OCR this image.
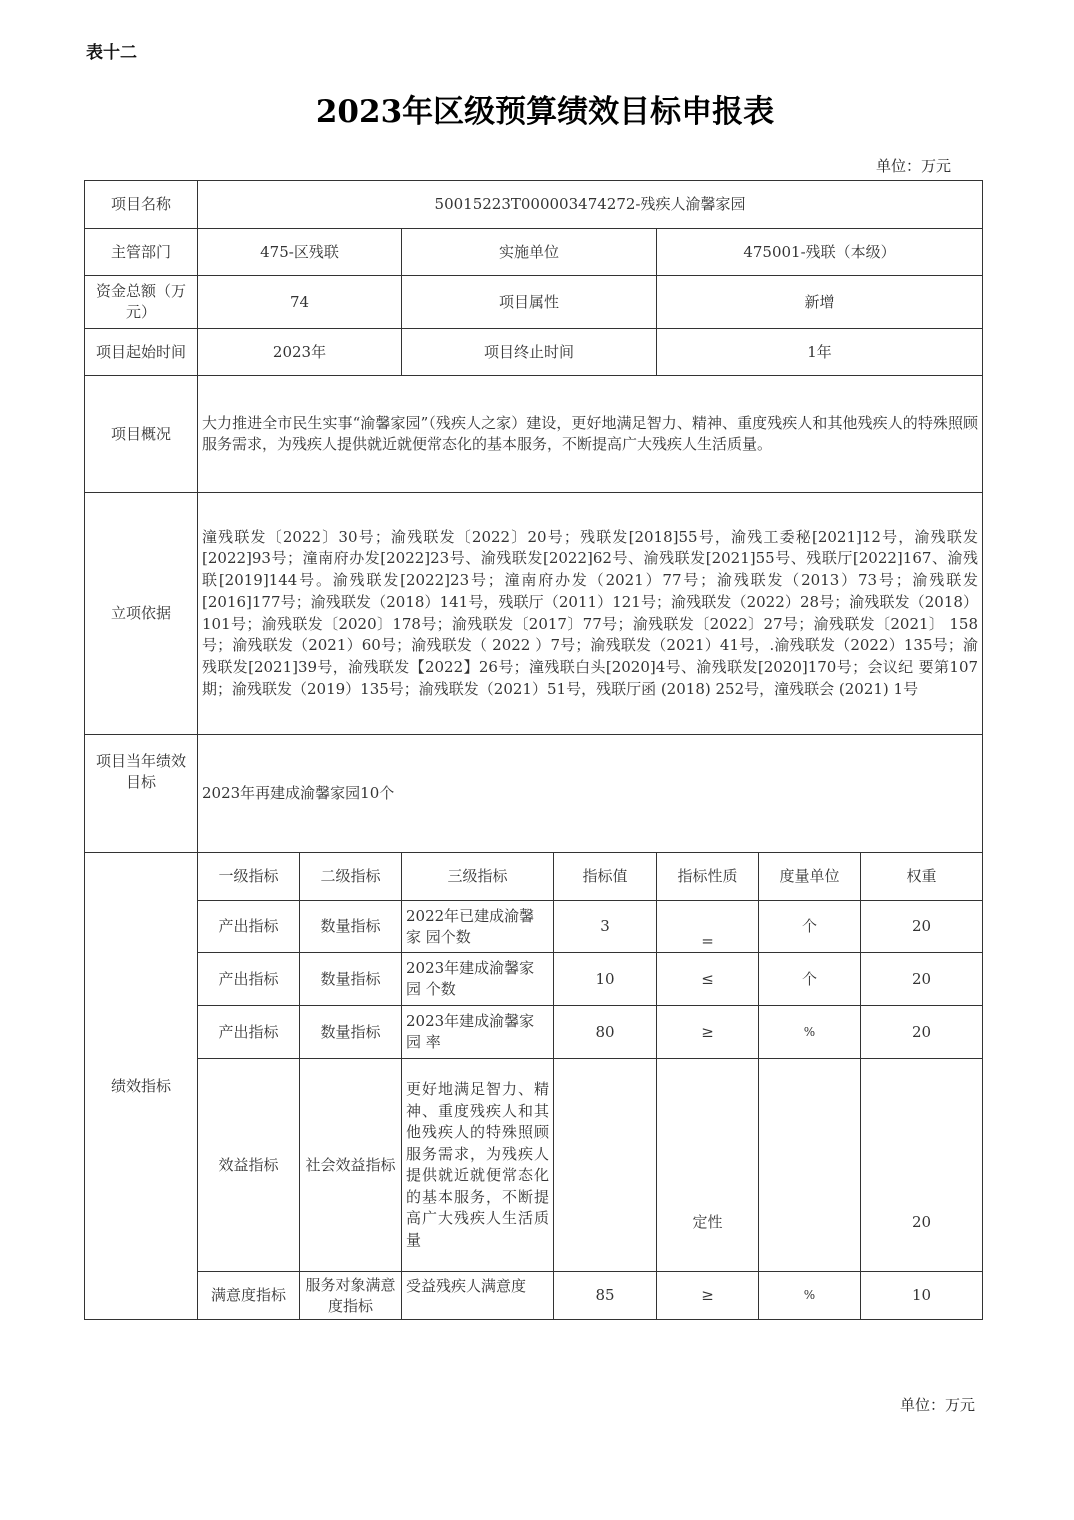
表十二
2023年区级预算绩效目标申报表
单位：万元
项目名称	50015223T000003474272-残疾人渝馨家园						
主管部门	475-区残联		实施单位		475001-残联（本级）		
资金总额（万元）	74		项目属性		新增		
项目起始时间	2023年		项目终止时间		1年		
项目概况	大力推进全市民生实事“渝馨家园”（残疾人之家）建设，更好地满足智力、精神、重度残疾人和其他残疾人的特殊照顾服务需求，为残疾人提供就近就便常态化的基本服务，不断提高广大残疾人生活质量。						
立项依据	潼残联发〔2022〕30号；渝残联发〔2022〕20号；残联发[2018]55号，渝残工委秘[2021]12号，渝残联发[2022]93号；潼南府办发[2022]23号、渝残联发[2022]62号、渝残联发[2021]55号、残联厅[2022]167、渝残 联[2019]144号。渝残联发[2022]23号；潼南府办发（2021）77号；渝残联发（2013）73号；渝残联发[2016]177号；渝残联发（2018）141号，残联厅（2011）121号；渝残联发（2022）28号；渝残联发（2018）101号；渝残联发〔2020〕178号；渝残联发〔2017〕77号；渝残联发〔2022〕27号；渝残联发〔2021〕 158号；渝残联发（2021）60号；渝残联发（ 2022 ）7号；渝残联发（2021）41号，.渝残联发（2022）135号；渝残联发[2021]39号，渝残联发【2022】26号；潼残联白头[2020]4号、渝残联发[2020]170号；会议纪 要第107期；渝残联发（2019）135号；渝残联发（2021）51号，残联厅函 (2018) 252号，潼残联会 (2021) 1号						
项目当年绩效目标	2023年再建成渝馨家园10个						
绩效指标	一级指标	二级指标	三级指标	指标值	指标性质	度量单位	权重
	产出指标	数量指标	2022年已建成渝馨家 园个数	3	=	个	20
	产出指标	数量指标	2023年建成渝馨家园 个数	10	≤	个	20
	产出指标	数量指标	2023年建成渝馨家园 率	80	≥	%	20
	效益指标	社会效益指标	更好地满足智力、精神、重度残疾人和其他残疾人的特殊照顾 服务需求，为残疾人 提供就近就便常态化 的基本服务，不断提 高广大残疾人生活质 量		定性		20
	满意度指标	服务对象满意度指标	受益残疾人满意度	85	≥	%	10
单位：万元
